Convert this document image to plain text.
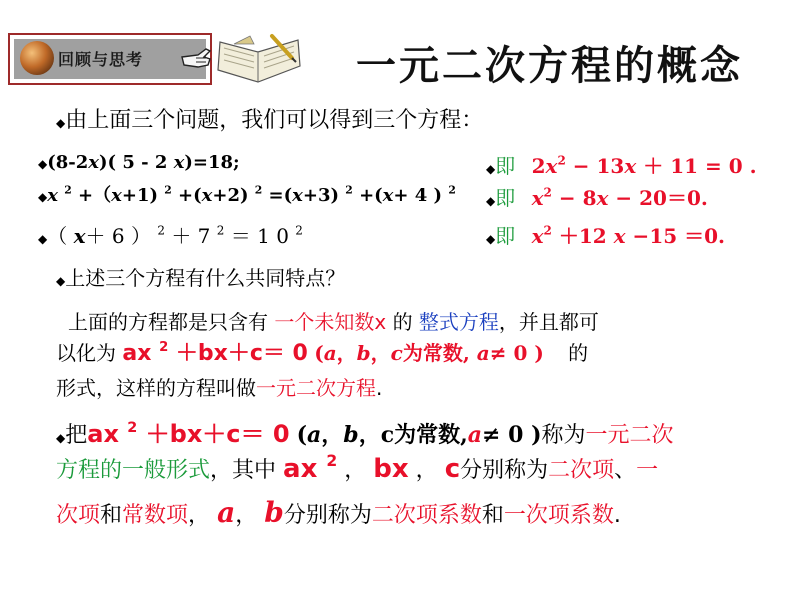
回顾与思考	一元二次方程的概念
◆由上面三个问题，我们可以得到三个方程：
◆(8-2x)( 5 - 2 x)=18;
◆x $^2$ +（x+1) $^2$ +(x+2) $^2$ =(x+3) $^2$ +(x+ 4 ) $^2$
◆（ x＋ 6 ） $^2$ ＋ 7 $^2$ ＝ 1 0 $^2$
◆即 $2x^2 - 13x + 11 = 0$ .
◆即 $x^2 - 8x - 20=0$.
◆即 $x^2 +12$ x −15 ＝0.
◆上述三个方程有什么共同特点？
上面的方程都是只含有 一个未知数x 的 整式方程，并且都可
以化为 ax $^2$ ＋bx＋c＝ 0 (a，b，c为常数, a≠ 0 ) 的
形式，这样的方程叫做一元二次方程.
◆把ax $^2$ ＋bx＋c＝ 0 (a，b，c为常数,a≠ 0 )称为一元二次
方程的一般形式，其中 ax $^2$ ， bx ， c分别称为二次项、一
次项和常数项， a， b分别称为二次项系数和一次项系数.
